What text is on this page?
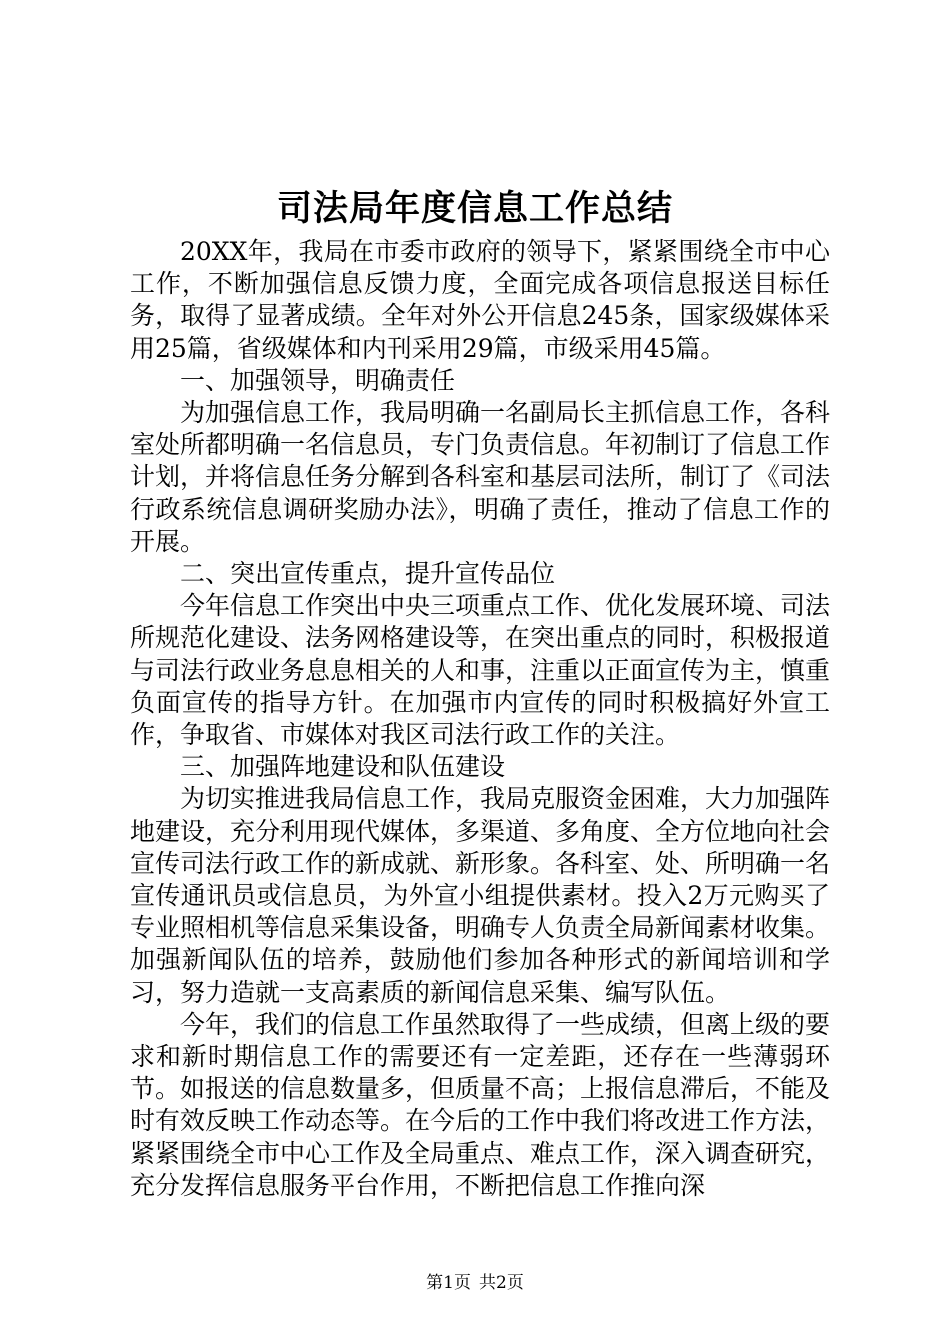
司法局年度信息工作总结

20XX年，我局在市委市政府的领导下，紧紧围绕全市中心工作，不断加强信息反馈力度，全面完成各项信息报送目标任务，取得了显著成绩。全年对外公开信息245条，国家级媒体采用25篇，省级媒体和内刊采用29篇，市级采用45篇。

一、加强领导，明确责任

为加强信息工作，我局明确一名副局长主抓信息工作，各科室处所都明确一名信息员，专门负责信息。年初制订了信息工作计划，并将信息任务分解到各科室和基层司法所，制订了《司法行政系统信息调研奖励办法》，明确了责任，推动了信息工作的开展。

二、突出宣传重点，提升宣传品位

今年信息工作突出中央三项重点工作、优化发展环境、司法所规范化建设、法务网格建设等，在突出重点的同时，积极报道与司法行政业务息息相关的人和事，注重以正面宣传为主，慎重负面宣传的指导方针。在加强市内宣传的同时积极搞好外宣工作，争取省、市媒体对我区司法行政工作的关注。

三、加强阵地建设和队伍建设

为切实推进我局信息工作，我局克服资金困难，大力加强阵地建设，充分利用现代媒体，多渠道、多角度、全方位地向社会宣传司法行政工作的新成就、新形象。各科室、处、所明确一名宣传通讯员或信息员，为外宣小组提供素材。投入2万元购买了专业照相机等信息采集设备，明确专人负责全局新闻素材收集。加强新闻队伍的培养，鼓励他们参加各种形式的新闻培训和学习，努力造就一支高素质的新闻信息采集、编写队伍。

今年，我们的信息工作虽然取得了一些成绩，但离上级的要求和新时期信息工作的需要还有一定差距，还存在一些薄弱环节。如报送的信息数量多，但质量不高；上报信息滞后，不能及时有效反映工作动态等。在今后的工作中我们将改进工作方法，紧紧围绕全市中心工作及全局重点、难点工作，深入调查研究，充分发挥信息服务平台作用，不断把信息工作推向深

第1页 共2页
